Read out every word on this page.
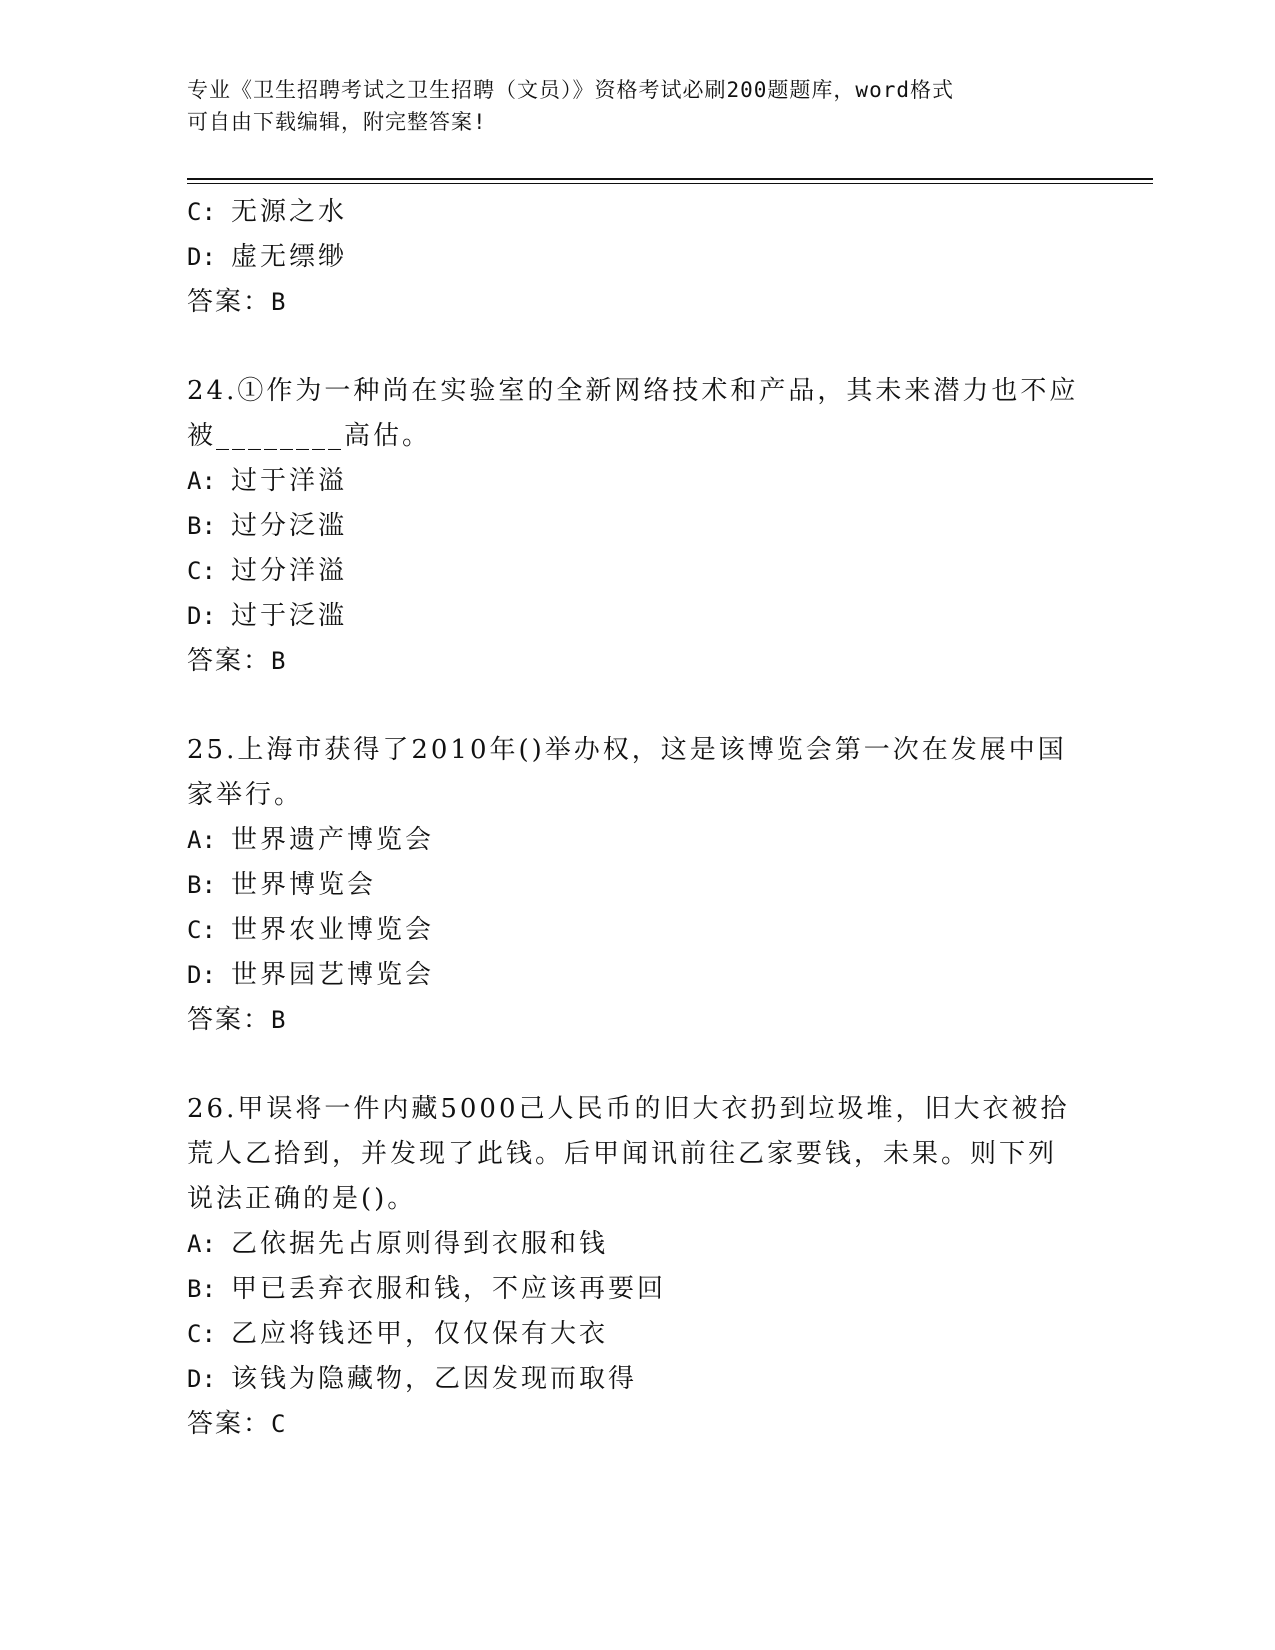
专业《卫生招聘考试之卫生招聘（文员）》资格考试必刷200题题库，word格式
可自由下载编辑，附完整答案!
C: 无源之水
D: 虚无缥缈
答案：B
24.①作为一种尚在实验室的全新网络技术和产品，其未来潜力也不应
被________高估。
A: 过于洋溢
B: 过分泛滥
C: 过分洋溢
D: 过于泛滥
答案：B
25.上海市获得了2010年()举办权，这是该博览会第一次在发展中国
家举行。
A: 世界遗产博览会
B: 世界博览会
C: 世界农业博览会
D: 世界园艺博览会
答案：B
26.甲误将一件内藏5000己人民币的旧大衣扔到垃圾堆，旧大衣被拾
荒人乙拾到，并发现了此钱。后甲闻讯前往乙家要钱，未果。则下列
说法正确的是()。
A: 乙依据先占原则得到衣服和钱
B: 甲已丢弃衣服和钱，不应该再要回
C: 乙应将钱还甲，仅仅保有大衣
D: 该钱为隐藏物，乙因发现而取得
答案：C
